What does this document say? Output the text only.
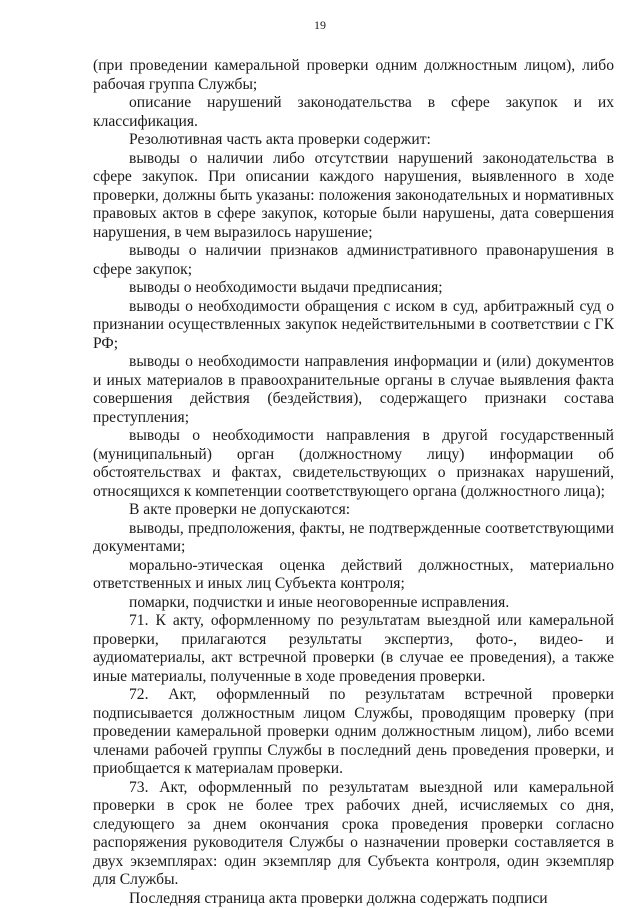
19

(при проведении камеральной проверки одним должностным лицом), либо рабочая группа Службы;

описание нарушений законодательства в сфере закупок и их классификация.

Резолютивная часть акта проверки содержит:

выводы о наличии либо отсутствии нарушений законодательства в сфере закупок. При описании каждого нарушения, выявленного в ходе проверки, должны быть указаны: положения законодательных и нормативных правовых актов в сфере закупок, которые были нарушены, дата совершения нарушения, в чем выразилось нарушение;

выводы о наличии признаков административного правонарушения в сфере закупок;

выводы о необходимости выдачи предписания;

выводы о необходимости обращения с иском в суд, арбитражный суд о признании осуществленных закупок недействительными в соответствии с ГК РФ;

выводы о необходимости направления информации и (или) документов и иных материалов в правоохранительные органы в случае выявления факта совершения действия (бездействия), содержащего признаки состава преступления;

выводы о необходимости направления в другой государственный (муниципальный) орган (должностному лицу) информации об обстоятельствах и фактах, свидетельствующих о признаках нарушений, относящихся к компетенции соответствующего органа (должностного лица);

В акте проверки не допускаются:

выводы, предположения, факты, не подтвержденные соответствующими документами;

морально-этическая оценка действий должностных, материально ответственных и иных лиц Субъекта контроля;

помарки, подчистки и иные неоговоренные исправления.

71. К акту, оформленному по результатам выездной или камеральной проверки, прилагаются результаты экспертиз, фото-, видео- и аудиоматериалы, акт встречной проверки (в случае ее проведения), а также иные материалы, полученные в ходе проведения проверки.

72. Акт, оформленный по результатам встречной проверки подписывается должностным лицом Службы, проводящим проверку (при проведении камеральной проверки одним должностным лицом), либо всеми членами рабочей группы Службы в последний день проведения проверки, и приобщается к материалам проверки.

73. Акт, оформленный по результатам выездной или камеральной проверки в срок не более трех рабочих дней, исчисляемых со дня, следующего за днем окончания срока проведения проверки согласно распоряжения руководителя Службы о назначении проверки составляется в двух экземплярах: один экземпляр для Субъекта контроля, один экземпляр для Службы.

Последняя страница акта проверки должна содержать подписи
